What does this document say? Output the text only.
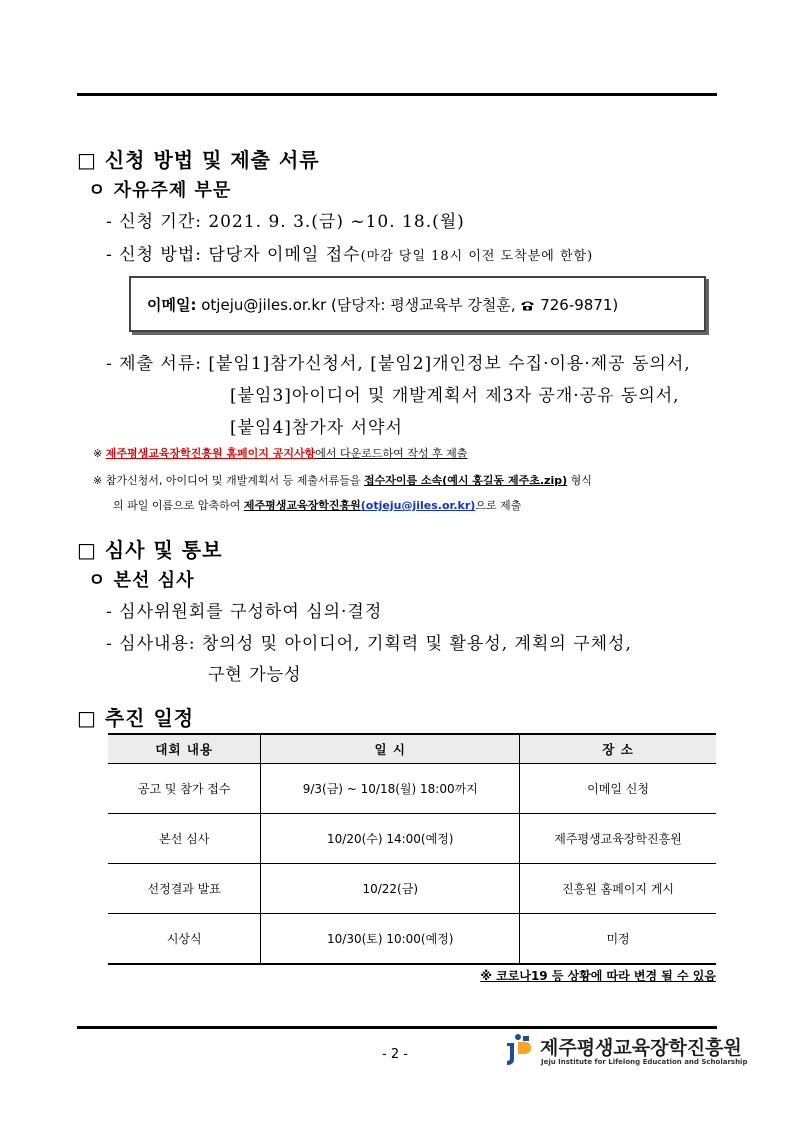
□ 신청 방법 및 제출 서류
ㅇ 자유주제 부문
- 신청 기간: 2021. 9. 3.(금) ~10. 18.(월)
- 신청 방법: 담당자 이메일 접수(마감 당일 18시 이전 도착분에 한함)
이메일: otjeju@jiles.or.kr (담당자: 평생교육부 강철훈,  726-9871)
- 제출 서류: [붙임1]참가신청서, [붙임2]개인정보 수집·이용·제공 동의서,
[붙임3]아이디어 및 개발계획서 제3자 공개·공유 동의서,
[붙임4]참가자 서약서
※ 제주평생교육장학진흥원 홈페이지 공지사항에서 다운로드하여 작성 후 제출
※ 참가신청서, 아이디어 및 개발계획서 등 제출서류들을 접수자이름 소속(예시 홍길동 제주초.zip) 형식
의 파일 이름으로 압축하여 제주평생교육장학진흥원(otjeju@jiles.or.kr)으로 제출
□ 심사 및 통보
ㅇ 본선 심사
- 심사위원회를 구성하여 심의·결정
- 심사내용: 창의성 및 아이디어, 기획력 및 활용성, 계획의 구체성,
구현 가능성
□ 추진 일정
대회 내용	일 시	장 소
공고 및 참가 접수	9/3(금) ~ 10/18(월) 18:00까지	이메일 신청
본선 심사	10/20(수) 14:00(예정)	제주평생교육장학진흥원
선정결과 발표	10/22(금)	진흥원 홈페이지 게시
시상식	10/30(토) 10:00(예정)	미정
※ 코로나19 등 상황에 따라 변경 될 수 있음
- 2 -	제주평생교육장학진흥원
Jeju Institute for Lifelong Education and Scholarship
